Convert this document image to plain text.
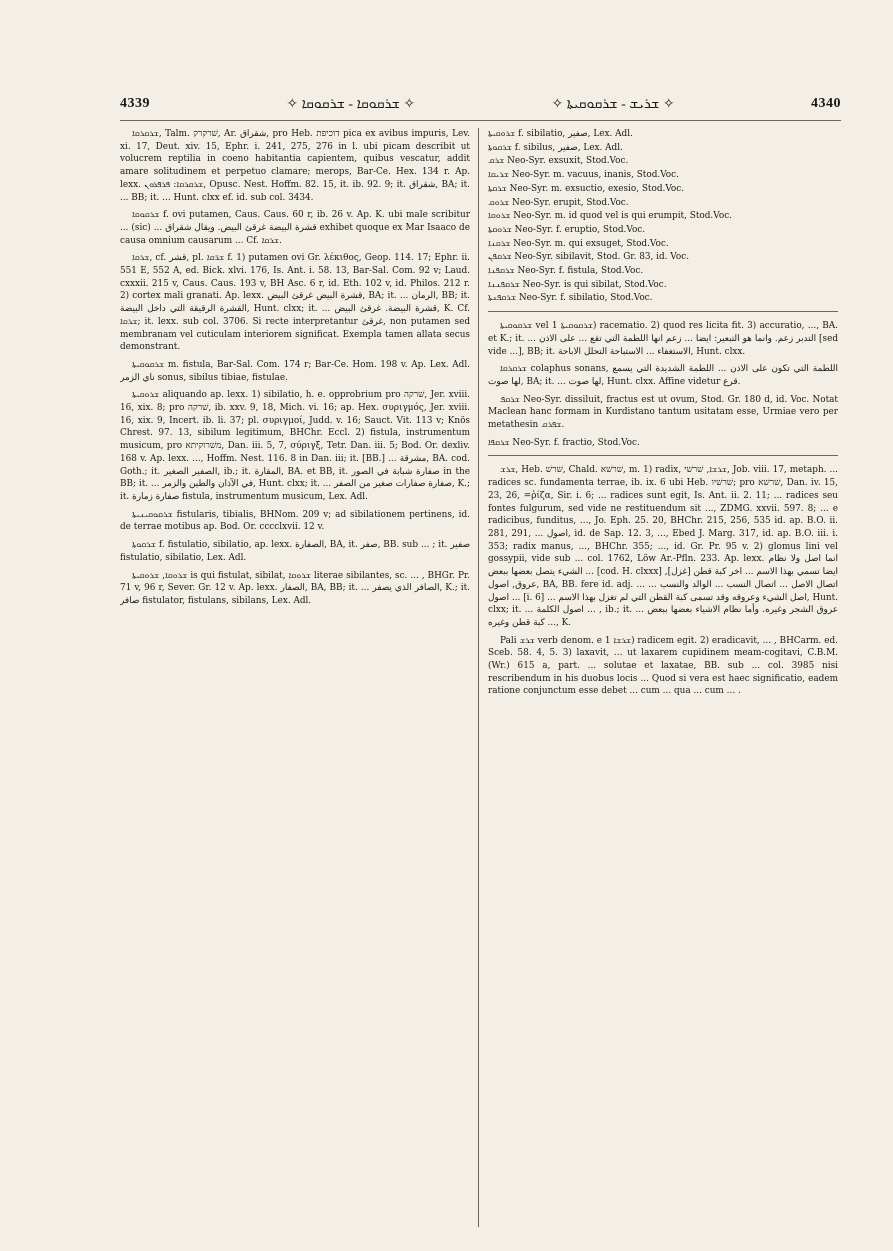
4339	✧ ܫܪܩܘܩܐ - ܫܪܩܘܩܐ ✧	✧ ܫܪܝܫ - ܫܪܩܘܩܝܬܐ ✧	4340

ܫܪܩܪܩܐ, Talm. שׁרקרק, Ar. شقراق, pro Heb. דוכיפת pica ex avibus impuris, Lev. xi. 17, Deut. xiv. 15, Ephr. i. 241, 275, 276 in l. ubi picam describit ut volucrem reptilia in coeno habitantia capientem, quibus vescatur, addit amare solitudinem et perpetuo clamare; merops, Bar-Ce. Hex. 134 r. Ap. lexx. ܫܪܩܪܩܐ: ܦܪܦܪܘܢ, Opusc. Nest. Hoffm. 82. 15, it. ib. 92. 9; it. شقراق, BA; it. ... BB; it. ... Hunt. clxx ef. id. sub col. 3434.

ܫܪܩܘܩܐ f. ovi putamen, Caus. Caus. 60 r, ib. 26 v. Ap. K. ubi male scribitur ... (sic) ... قشرة البيضة غرقئ البيض. ويقال شقراق exhibet quoque ex Mar Isaaco de causa omnium causarum ... Cf. ܫܪܩܐ.

ܫܪܩܐ, cf. قشر, pl. ܫܪ̈ܩܐ f. 1) putamen ovi Gr. λέκιθος, Geop. 114. 17; Ephr. ii. 551 E, 552 A, ed. Bick. xlvi. 176, Is. Ant. i. 58. 13, Bar-Sal. Com. 92 v; Laud. cxxxii. 215 v, Caus. Caus. 193 v, BH Asc. 6 r, id. Eth. 102 v, id. Philos. 212 r. 2) cortex mali granati. Ap. lexx. قشرة البيض غرقئ البيض, BA; it. ... الرمان, BB; it. القشرة الرقيقة التي داخل البيضة, Hunt. clxx; it. ... قشرة البيضة. غرقئ البيض, K. Cf. ܫܪܩܐ; it. lexx. sub col. 3706. Si recte interpretantur غرقئ, non putamen sed membranam vel cuticulam interiorem significat. Exempla tamen allata secus demonstrant.

ܫܪܩܘܩܝܬܐ m. fistula, Bar-Sal. Com. 174 r; Bar-Ce. Hom. 198 v. Ap. Lex. Adl. ناي الزمر sonus, sibilus tibiae, fistulae.

ܫܪܘܩܝܬܐ aliquando ap. lexx. 1) sibilatio, h. e. opprobrium pro שׁרקה, Jer. xviii. 16, xix. 8; pro שׁרקה, ib. xxv. 9, 18, Mich. vi. 16; ap. Hex. συριγμός, Jer. xviii. 16, xix. 9, Incert. ib. li. 37; pl. συριγμοί, Judd. v. 16; Sauct. Vit. 113 v; Knös Chrest. 97. 13, sibilum legitimum, BHChr. Eccl. 2) fistula, instrumentum musicum, pro משׁרוקיתא, Dan. iii. 5, 7, σύριγξ, Tetr. Dan. iii. 5; Bod. Or. dexliv. 168 v. Ap. lexx. ..., Hoffm. Nest. 116. 8 in Dan. iii; it. [BB.] ... مشرقة, BA. cod. Goth.; it. الصفير الصغير, ib.; it. المقارة, BA. et BB, it. صفارة شبابة في الصور in the BB; it. ... في الآذان والطين والزمر, Hunt. clxx; it. ... صفارة صفارات صغير من الصفر, K.; it. صفارة زمارة fistula, instrumentum musicum, Lex. Adl.

ܫܪܩܘܩܝܢܝܬܐ fistularis, tibialis, BHNom. 209 v; ad sibilationem pertinens, id. de terrae motibus ap. Bod. Or. cccclxvii. 12 v.

ܫܪܩܘܬܐ f. fistulatio, sibilatio, ap. lexx. الصفارة, BA, it. صفر, BB. sub ... ; it. صفير fistulatio, sibilatio, Lex. Adl.

ܫܪܘܩܐ, ܫܪܘܩܝܬܐ is qui fistulat, sibilat, ܫܪܘܩܐ literae sibilantes, sc. ... , BHGr. Pr. 71 v, 96 r, Sever. Gr. 12 v. Ap. lexx. الصفار, BA, BB; it. ... الصافر الذي يصفر, K.; it. صافر fistulator, fistulans, sibilans, Lex. Adl.

ܫܪܘܩܝܬܐ f. sibilatio, صفير, Lex. Adl.

ܫܪܩܘܬܐ f. sibilus, صفير, Lex. Adl.

ܫܪܩ Neo-Syr. exsuxit, Stod.Voc.

ܫܪܝܩܐ Neo-Syr. m. vacuus, inanis, Stod.Voc.

ܫܪܩܬܐ Neo-Syr. m. exsuctio, exesio, Stod.Voc.

ܫܪܘܩ Neo-Syr. erupit, Stod.Voc.

ܫܪܘܩܐ Neo-Syr. m. id quod vel is qui erumpit, Stod.Voc.

ܫܪܘܩܬܐ Neo-Syr. f. eruptio, Stod.Voc.

ܫܪܩܢܐ Neo-Syr. m. qui exsuget, Stod.Voc.

ܫܪܩܦܢ Neo-Syr. sibilavit, Stod. Gr. 83, id. Voc.

ܫܪܩܦܢܐ Neo-Syr. f. fistula, Stod.Voc.

ܫܪܩܦܢܢܐ Neo-Syr. is qui sibilat, Stod.Voc.

ܫܪܩܦܢܬܐ Neo-Syr. f. sibilatio, Stod.Voc.

ܫܪܩܘܩܝܬܐ vel ܫܪܩܘܩܝܬܐ 1) racematio. 2) quod res licita fit. 3) accuratio, ..., BA. et K.; it. ... التدبر زعم. وانما هو التبعير: ايضا ... زعم انها اللطمة التي تقع ... على الاذن [sed vide ...], BB; it. الاستغفاء ... الاستباحة التحلل الاباحة, Hunt. clxx.

ܫܪܩܪܩܐ colaphus sonans, اللطمة التي تكون على الاذن ... اللطمة الشديدة التي يسمع لها صوت, BA; it. ... لها صوت, Hunt. clxx. Affine videtur قرع.

ܫܪܩܦ Neo-Syr. dissiluit, fractus est ut ovum, Stod. Gr. 180 d, id. Voc. Notat Maclean hanc formam in Kurdistano tantum usitatam esse, Urmiae vero per metathesin ܫܦܪܩ.

ܫܪܩܦܐ Neo-Syr. f. fractio, Stod.Voc.

ܫܪܫ, Heb. שׁרשׁ, Chald. שׁרשׁא, m. 1) radix, ܫܪܫܐ, שׁרשׁי, Job. viii. 17, metaph. ... radices sc. fundamenta terrae, ib. ix. 6 ubi Heb. שׁרשׁיו; pro שׁרשׁא, Dan. iv. 15, 23, 26, =ῥίζα, Sir. i. 6; ... radices sunt egit, Is. Ant. ii. 2. 11; ... radices seu fontes fulgurum, sed vide ne restituendum sit ..., ZDMG. xxvii. 597. 8; ... e radicibus, funditus, ..., Jo. Eph. 25. 20, BHChr. 215, 256, 535 id. ap. B.O. ii. 281, 291, ... اصول, id. de Sap. 12. 3, ..., Ebed J. Marg. 317, id. ap. B.O. iii. i. 353; radix manus, ..., BHChr. 355; ..., id. Gr. Pr. 95 v. 2) glomus lini vel gossypii, vide sub ... col. 1762, Löw Ar.-Pfln. 233. Ap. lexx. انما اصل ولا نظام الشيء يتصل بعضها ببعض ... [cod. H. clxxx] ايضا تسمي بهذا الاسم ... اخر كبة قطن [غزل], عروق, اصول, BA, BB. fere id. adj. ... اتصال الاصل ... اتصال النسب ... الوالد والنسب ... اصول ... [i. 6] ... اصل الشيء وعروقه وقد تسمى كبة القطن التي لم تغزل بهذا الاسم, Hunt. clxx; it. ... اصول الكلمة ... , ib.; it. ... عروق الشجر وغيره. وأما نظام الاشياء بعضها ببعض ... كبة قطن وغيره, K.

Pali ܫܪܫ verb denom. e ܫܪܫܐ 1) radicem egit. 2) eradicavit, ... , BHCarm. ed. Sceb. 58. 4, 5. 3) laxavit, ... ut laxarem cupidinem meam-cogitavi, C.B.M. (Wr.) 615 a, part. ... solutae et laxatae, BB. sub ... col. 3985 nisi rescribendum in his duobus locis ... Quod si vera est haec significatio, eadem ratione conjunctum esse debet ... cum ... qua ... cum ... .
